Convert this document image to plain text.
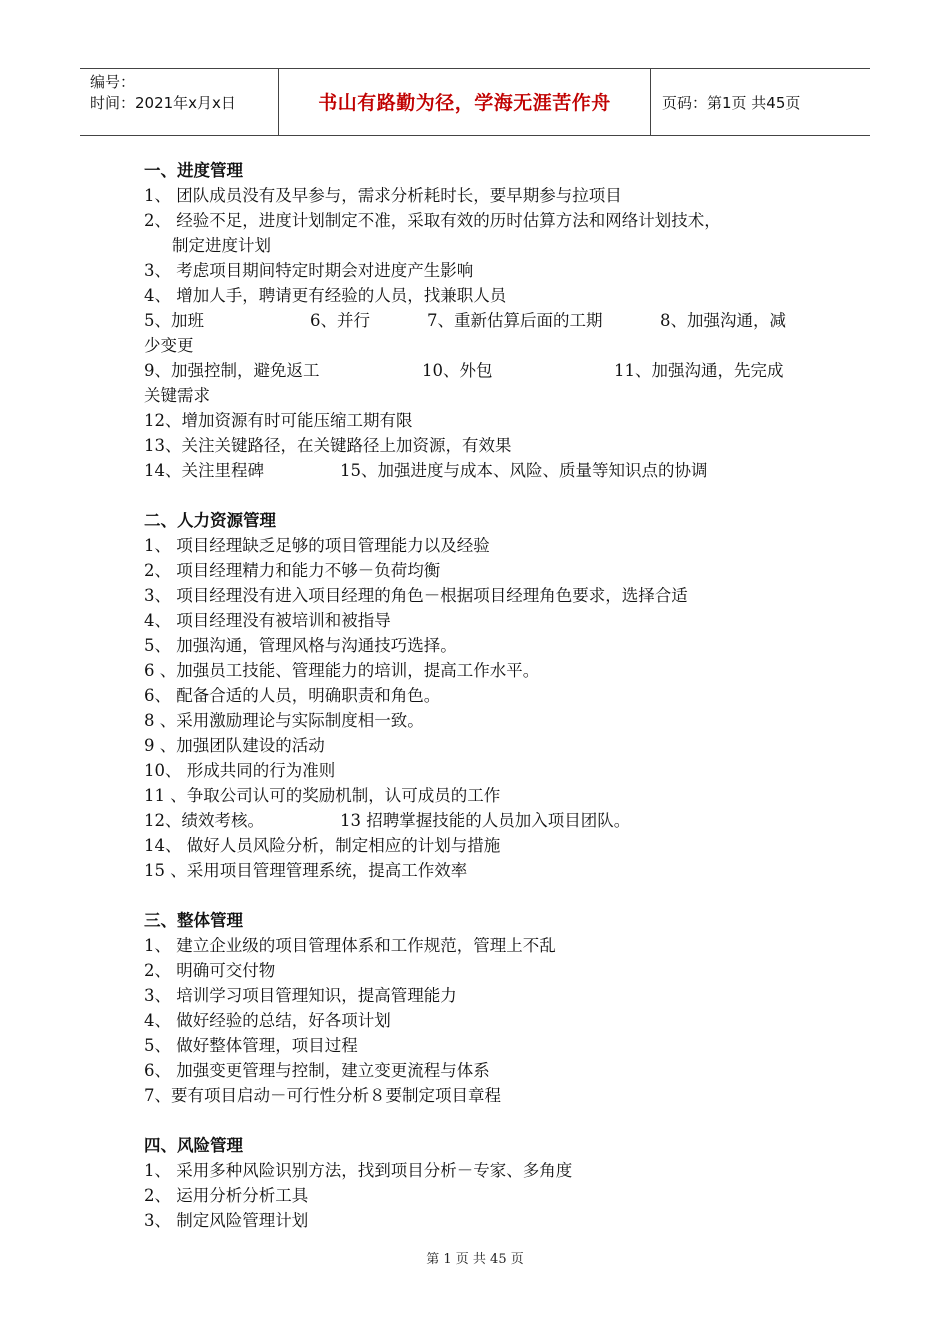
编号：
时间：2021年x月x日	书山有路勤为径，学海无涯苦作舟	页码：第1页 共45页
一、进度管理
1、 团队成员没有及早参与，需求分析耗时长，要早期参与拉项目
2、 经验不足，进度计划制定不准，采取有效的历时估算方法和网络计划技术，
制定进度计划
3、 考虑项目期间特定时期会对进度产生影响
4、 增加人手，聘请更有经验的人员，找兼职人员
5、加班	6、并行	7、重新估算后面的工期	8、加强沟通，减
少变更
9、加强控制，避免返工	10、外包	11、加强沟通，先完成
关键需求
12、增加资源有时可能压缩工期有限
13、关注关键路径，在关键路径上加资源，有效果
14、关注里程碑	15、加强进度与成本、风险、质量等知识点的协调
二、人力资源管理
1、 项目经理缺乏足够的项目管理能力以及经验
2、 项目经理精力和能力不够－负荷均衡
3、 项目经理没有进入项目经理的角色－根据项目经理角色要求，选择合适
4、 项目经理没有被培训和被指导
5、 加强沟通，管理风格与沟通技巧选择。
6 、加强员工技能、管理能力的培训，提高工作水平。
6、 配备合适的人员，明确职责和角色。
8 、采用激励理论与实际制度相一致。
9 、加强团队建设的活动
10、 形成共同的行为准则
11 、争取公司认可的奖励机制，认可成员的工作
12、绩效考核。	13 招聘掌握技能的人员加入项目团队。
14、 做好人员风险分析，制定相应的计划与措施
15 、采用项目管理管理系统，提高工作效率
三、整体管理
1、 建立企业级的项目管理体系和工作规范，管理上不乱
2、 明确可交付物
3、 培训学习项目管理知识，提高管理能力
4、 做好经验的总结，好各项计划
5、 做好整体管理，项目过程
6、 加强变更管理与控制，建立变更流程与体系
7、要有项目启动－可行性分析８要制定项目章程
四、风险管理
1、 采用多种风险识别方法，找到项目分析－专家、多角度
2、 运用分析分析工具
3、 制定风险管理计划
第 1 页 共 45 页
